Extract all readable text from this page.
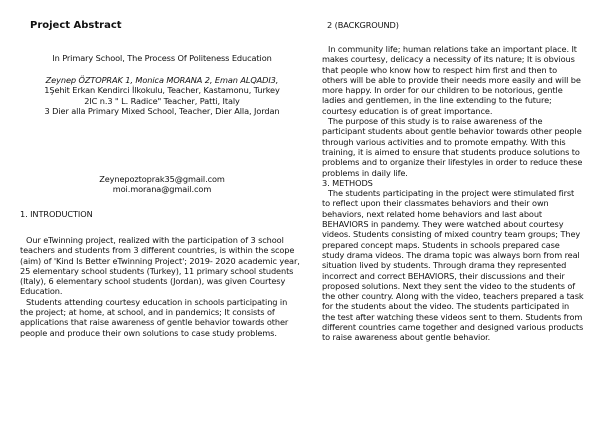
Project Abstract
In Primary School, The Process Of Politeness Education

Zeynep ÖZTOPRAK 1, Monica MORANA 2, Eman ALQADI3,

1Şehit Erkan Kendirci İlkokulu, Teacher, Kastamonu, Turkey

2IC n.3 " L. Radice" Teacher, Patti, Italy

3 Dier alla Primary Mixed School, Teacher, Dier Alla, Jordan

Zeynepoztoprak35@gmail.com

moi.morana@gmail.com

1. INTRODUCTION

Our eTwinning project, realized with the participation of 3 school teachers and students from 3 different countries, is within the scope (aim) of 'Kind Is Better eTwinning Project'; 2019- 2020 academic year, 25 elementary school students (Turkey), 11 primary school students (Italy), 6 elementary school students (Jordan), was given Courtesy Education.

Students attending courtesy education in schools participating in the project; at home, at school, and in pandemics; It consists of applications that raise awareness of gentle behavior towards other people and produce their own solutions to case study problems.

2 (BACKGROUND)

In community life; human relations take an important place. It makes courtesy, delicacy a necessity of its nature; It is obvious that people who know how to respect him first and then to others will be able to provide their needs more easily and will be more happy. In order for our children to be notorious, gentle ladies and gentlemen, in the line extending to the future; courtesy education is of great importance.

The purpose of this study is to raise awareness of the participant students about gentle behavior towards other people through various activities and to promote empathy. With this training, it is aimed to ensure that students produce solutions to problems and to organize their lifestyles in order to reduce these problems in daily life.

3. METHODS

The students participating in the project were stimulated first to reflect upon their classmates behaviors and their own behaviors, next related home behaviors and last about BEHAVIORS in pandemy. They were watched about courtesy videos. Students consisting of mixed country team groups; They prepared concept maps. Students in schools prepared case study drama videos. The drama topic was always born from real situation lived by students. Through drama they represented incorrect and correct BEHAVIORS, their discussions and their proposed solutions. Next they sent the video to the students of the other country. Along with the video, teachers prepared a task for the students about the video. The students participated in the test after watching these videos sent to them. Students from different countries came together and designed various products to raise awareness about gentle behavior.
